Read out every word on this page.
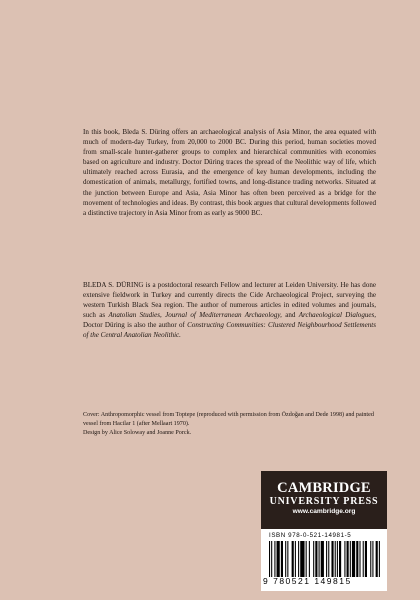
In this book, Bleda S. Düring offers an archaeological analysis of Asia Minor, the area equated with much of modern-day Turkey, from 20,000 to 2000 BC. During this period, human societies moved from small-scale hunter-gatherer groups to complex and hierarchical communities with economies based on agriculture and industry. Doctor Düring traces the spread of the Neolithic way of life, which ultimately reached across Eurasia, and the emergence of key human developments, including the domestication of animals, metallurgy, fortified towns, and long-distance trading networks. Situated at the junction between Europe and Asia, Asia Minor has often been perceived as a bridge for the movement of technologies and ideas. By contrast, this book argues that cultural developments followed a distinctive trajectory in Asia Minor from as early as 9000 BC.

BLEDA S. DÜRING is a postdoctoral research Fellow and lecturer at Leiden University. He has done extensive fieldwork in Turkey and currently directs the Cide Archaeological Project, surveying the western Turkish Black Sea region. The author of numerous articles in edited volumes and journals, such as Anatolian Studies, Journal of Mediterranean Archaeology, and Archaeological Dialogues, Doctor Düring is also the author of Constructing Communities: Clustered Neighbourhood Settlements of the Central Anatolian Neolithic.

Cover: Anthropomorphic vessel from Toptepe (reproduced with permission from Özdoğan and Dede 1998) and painted vessel from Hacilar 1 (after Mellaart 1970).
Design by Alice Soloway and Joanne Porck.
CAMBRIDGE
UNIVERSITY PRESS
www.cambridge.org
ISBN 978-0-521-14981-5
9 780521 149815
